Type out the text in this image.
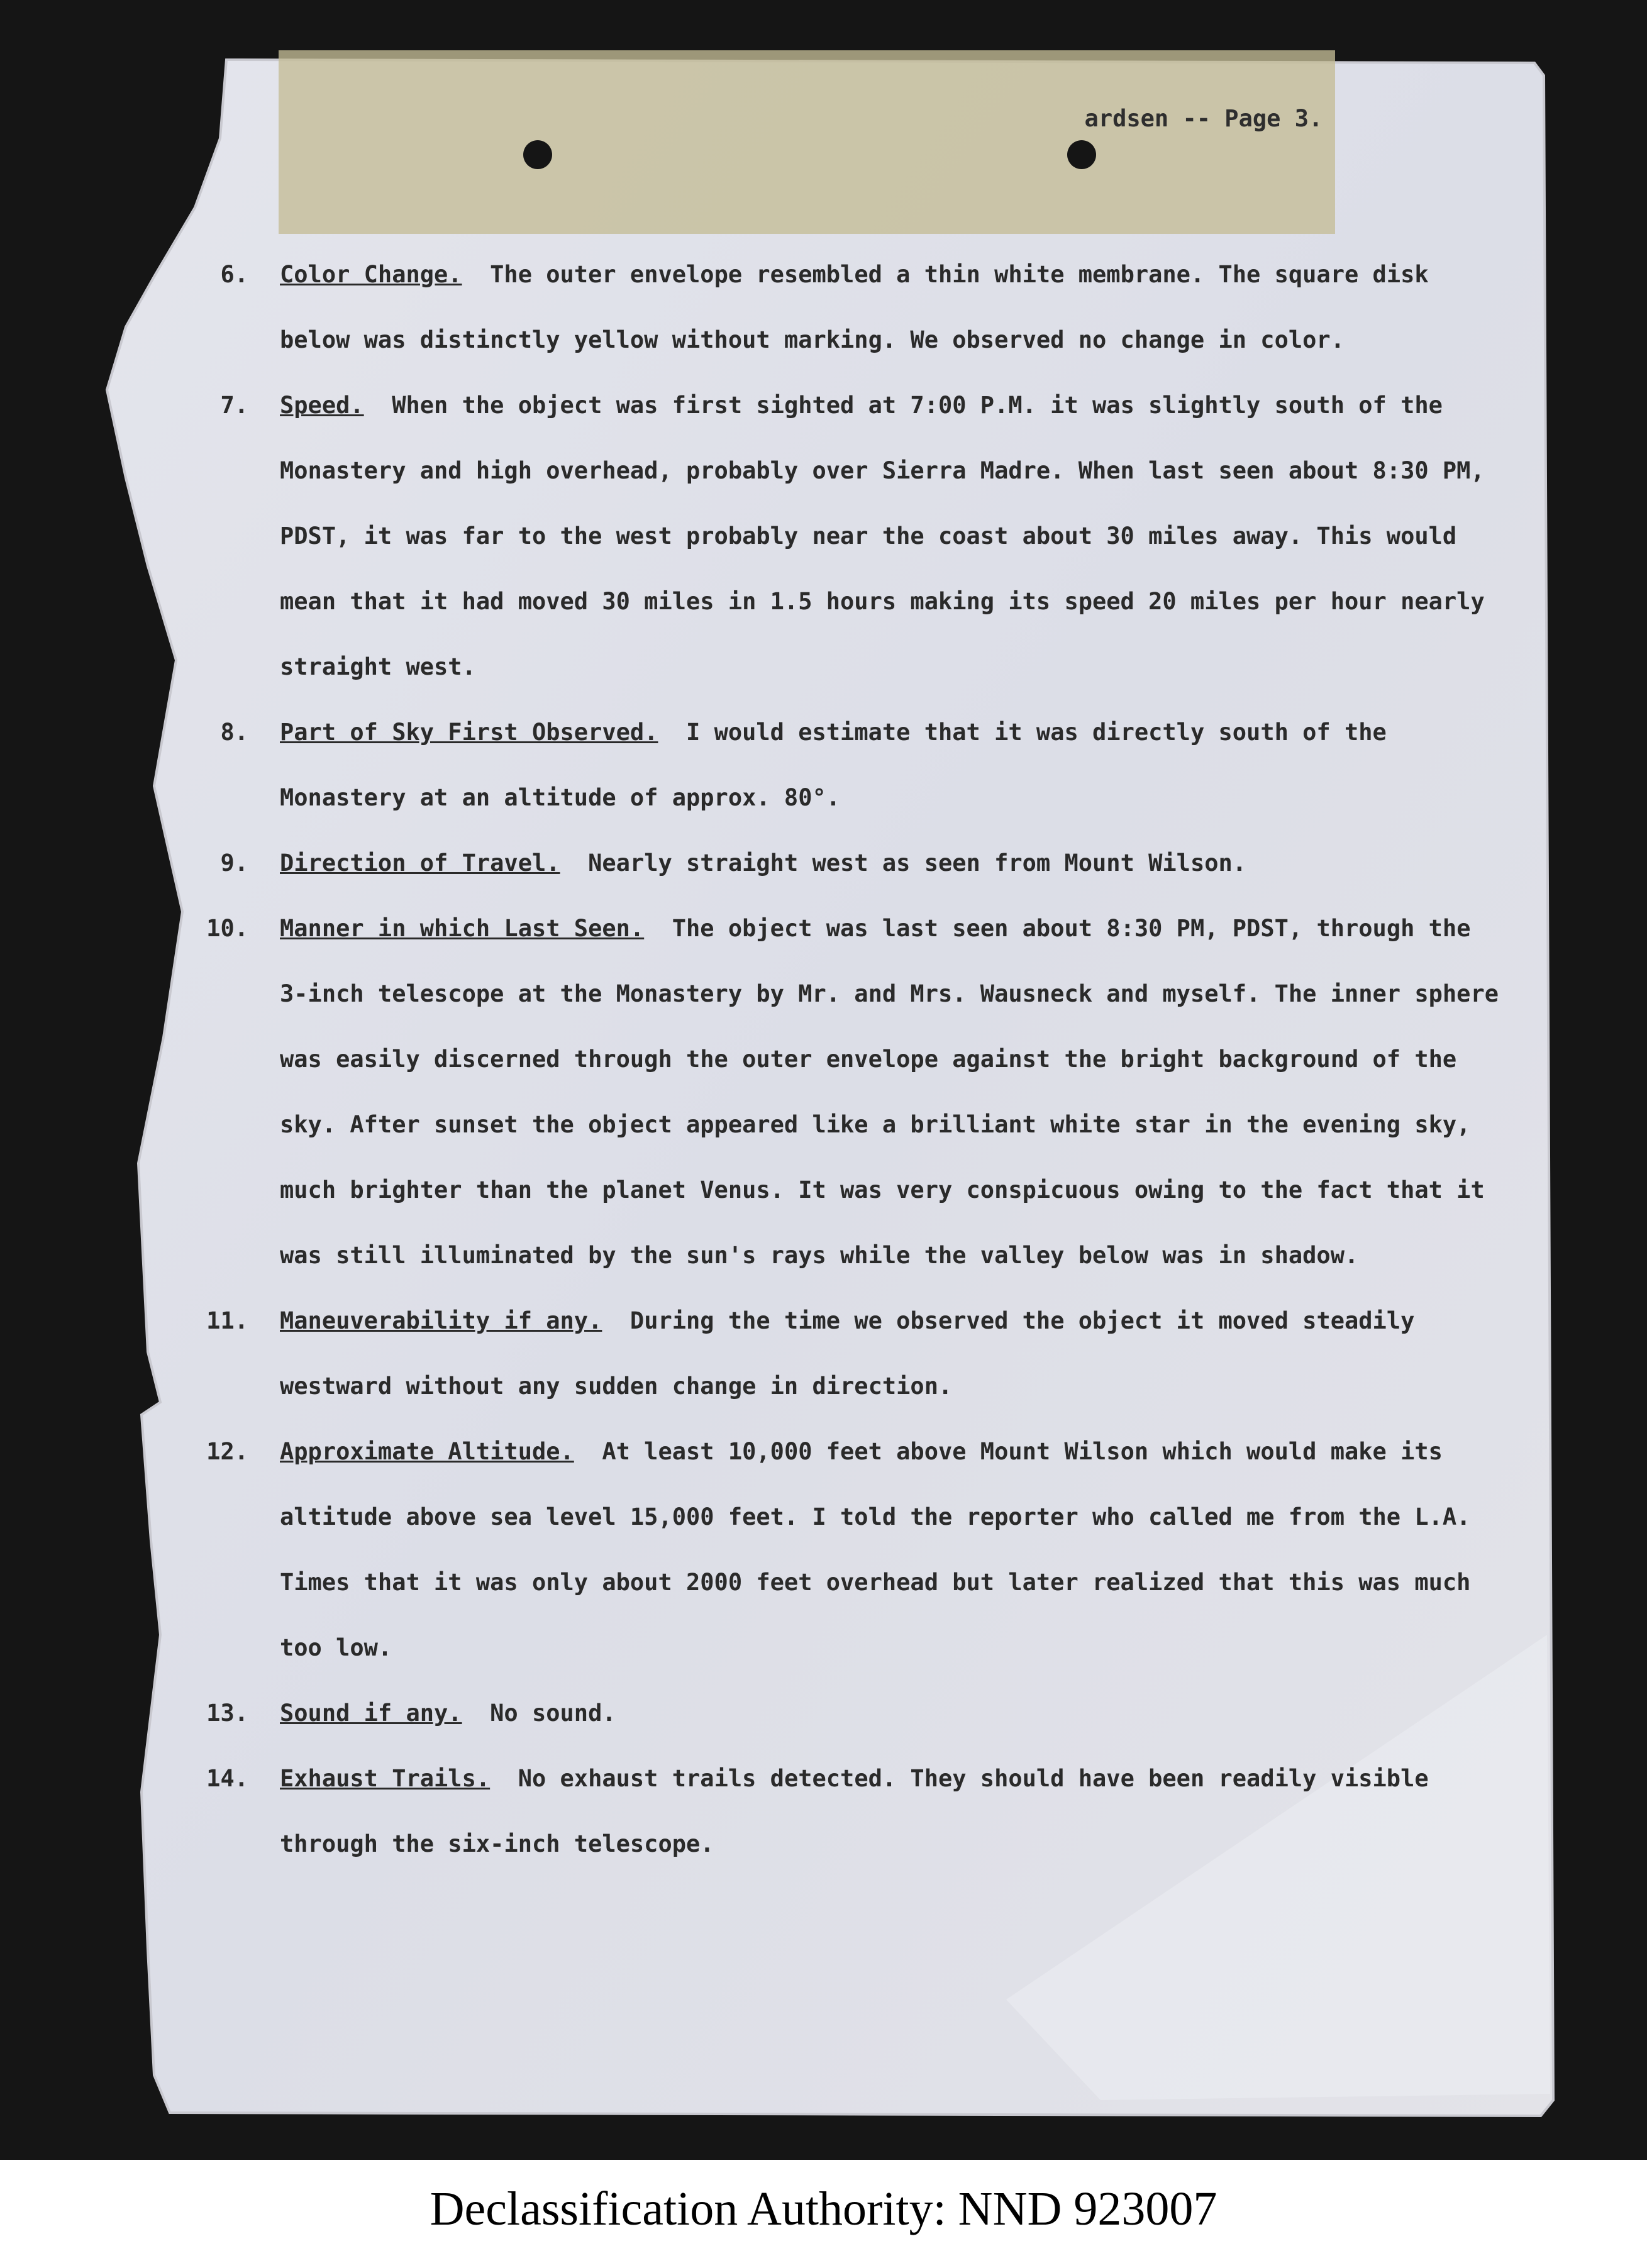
ardsen -- Page 3.
6. Color Change. The outer envelope resembled a thin white membrane. The square disk below was distinctly yellow without marking. We observed no change in color.
7. Speed. When the object was first sighted at 7:00 P.M. it was slightly south of the Monastery and high overhead, probably over Sierra Madre. When last seen about 8:30 PM, PDST, it was far to the west probably near the coast about 30 miles away. This would mean that it had moved 30 miles in 1.5 hours making its speed 20 miles per hour nearly straight west.
8. Part of Sky First Observed. I would estimate that it was directly south of the Monastery at an altitude of approx. 80°.
9. Direction of Travel. Nearly straight west as seen from Mount Wilson.
10. Manner in which Last Seen. The object was last seen about 8:30 PM, PDST, through the 3-inch telescope at the Monastery by Mr. and Mrs. Wausneck and myself. The inner sphere was easily discerned through the outer envelope against the bright background of the sky. After sunset the object appeared like a brilliant white star in the evening sky, much brighter than the planet Venus. It was very conspicuous owing to the fact that it was still illuminated by the sun's rays while the valley below was in shadow.
11. Maneuverability if any. During the time we observed the object it moved steadily westward without any sudden change in direction.
12. Approximate Altitude. At least 10,000 feet above Mount Wilson which would make its altitude above sea level 15,000 feet. I told the reporter who called me from the L.A. Times that it was only about 2000 feet overhead but later realized that this was much too low.
13. Sound if any. No sound.
14. Exhaust Trails. No exhaust trails detected. They should have been readily visible through the six-inch telescope.
Declassification Authority: NND 923007
